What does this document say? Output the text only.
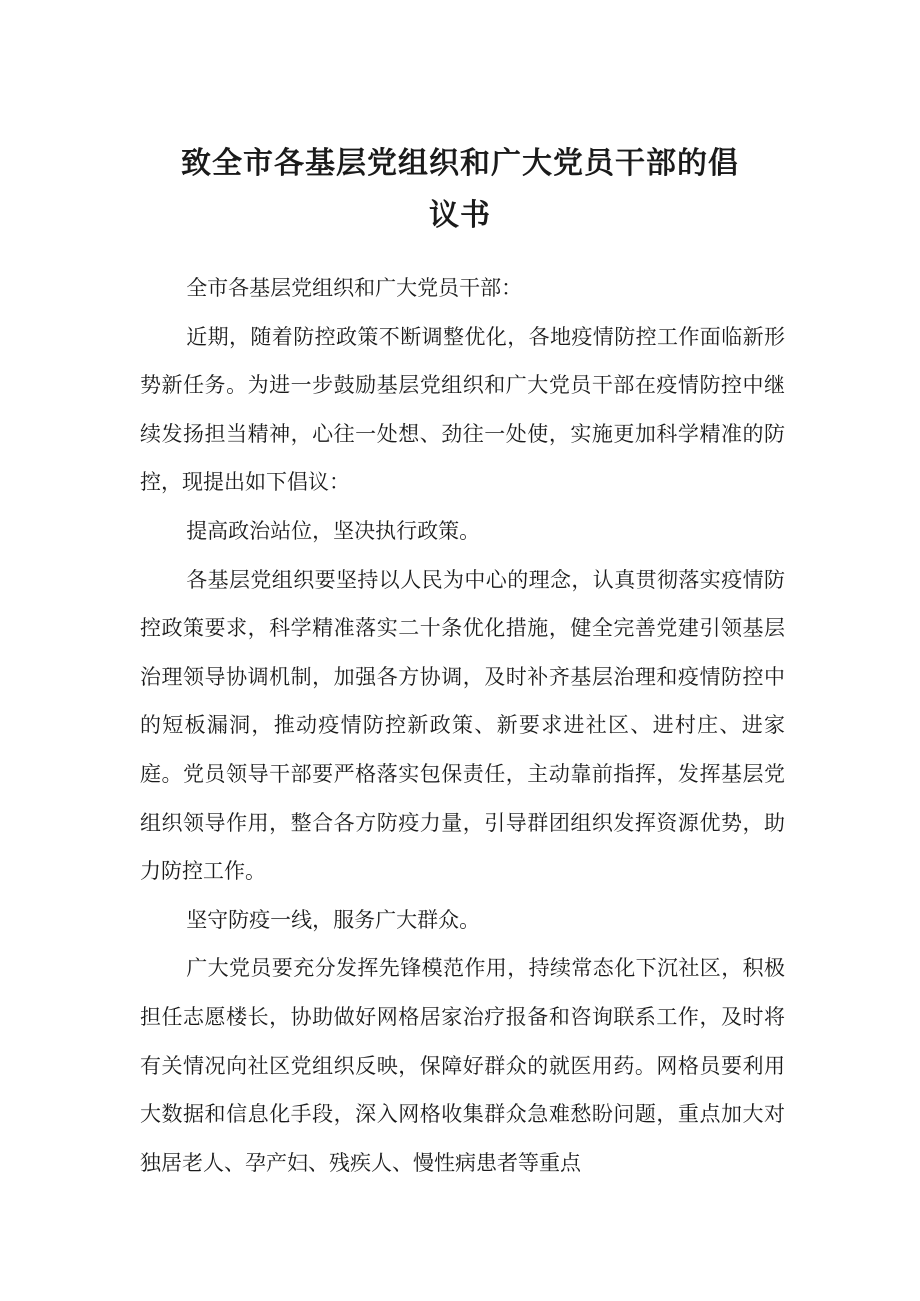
致全市各基层党组织和广大党员干部的倡
议书

全市各基层党组织和广大党员干部：

近期，随着防控政策不断调整优化，各地疫情防控工作面临新形势新任务。为进一步鼓励基层党组织和广大党员干部在疫情防控中继续发扬担当精神，心往一处想、劲往一处使，实施更加科学精准的防控，现提出如下倡议：

提高政治站位，坚决执行政策。

各基层党组织要坚持以人民为中心的理念，认真贯彻落实疫情防控政策要求，科学精准落实二十条优化措施，健全完善党建引领基层治理领导协调机制，加强各方协调，及时补齐基层治理和疫情防控中的短板漏洞，推动疫情防控新政策、新要求进社区、进村庄、进家庭。党员领导干部要严格落实包保责任，主动靠前指挥，发挥基层党组织领导作用，整合各方防疫力量，引导群团组织发挥资源优势，助力防控工作。

坚守防疫一线，服务广大群众。

广大党员要充分发挥先锋模范作用，持续常态化下沉社区，积极担任志愿楼长，协助做好网格居家治疗报备和咨询联系工作，及时将有关情况向社区党组织反映，保障好群众的就医用药。网格员要利用大数据和信息化手段，深入网格收集群众急难愁盼问题，重点加大对独居老人、孕产妇、残疾人、慢性病患者等重点
